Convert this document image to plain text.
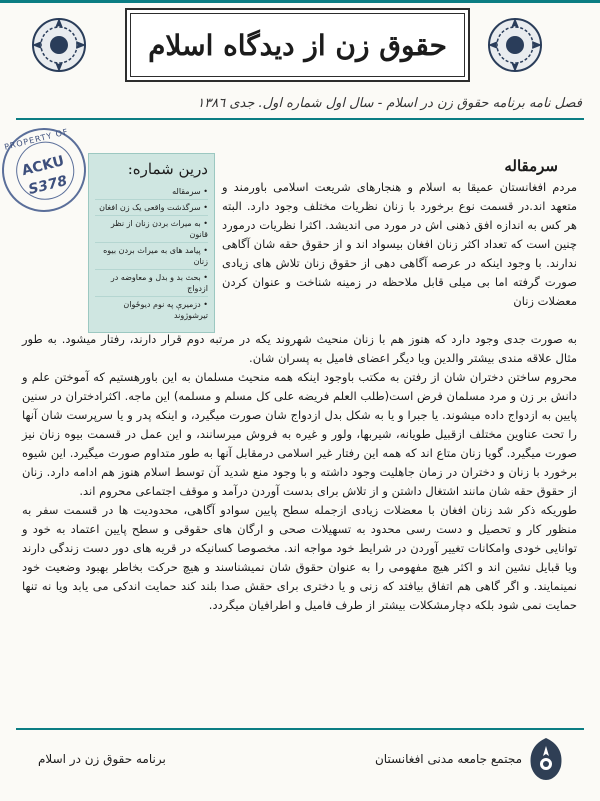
حقوق زن از دیدگاه اسلام
فصل نامه برنامه حقوق زن در اسلام - سال اول شماره اول. جدی ١٣٨٦
PROPERTY OF
ACKU
S378
درین شماره:
• سرمقاله
• سرگذشت واقعی یک زن افغان
• به میراث بردن زنان از نظر قانون
• پیامد های به میراث بردن بیوه زنان
• بحث بد و بدل و معاوضه در ازدواج
• دزمیرې په نوم دیوځوان تیرشوژوند
سرمقاله

مردم افغانستان عمیقا به اسلام و هنجارهای شریعت اسلامی باورمند و متعهد اند.در قسمت نوع برخورد با زنان نظریات مختلف وجود دارد. البته هر کس به اندازه افق ذهنی اش در مورد می اندیشد. اکثرا نظریات درمورد چنین است که تعداد اکثر زنان افغان بیسواد اند و از حقوق حقه شان آگاهی ندارند. با وجود اینکه در عرصه آگاهی دهی از حقوق زنان تلاش های زیادی صورت گرفته اما بی میلی قابل ملاحظه در زمینه شناخت و عنوان کردن معضلات زنان

به صورت جدی وجود دارد که هنوز هم با زنان منحیث شهروند یکه در مرتبه دوم قرار دارند، رفتار میشود. به طور مثال علاقه مندی بیشتر والدین ویا دیگر اعضای فامیل به پسران شان.

محروم ساختن دختران شان از رفتن به مکتب باوجود اینکه همه منحیث مسلمان به این باورهستیم که آموختن علم و دانش بر زن و مرد مسلمان فرض است(طلب العلم فریضه علی کل مسلم و مسلمه) این ماجه. اکثرادختران در سنین پایین به ازدواج داده میشوند. یا جبرا و یا به شکل بدل ازدواج شان صورت میگیرد، و اینکه پدر و یا سرپرست شان آنها را تحت عناوین مختلف ازقبیل طویانه، شیربها، ولور و غیره به فروش میرسانند، و این عمل در قسمت بیوه زنان نیز صورت میگیرد. گویا زنان متاع اند که همه این رفتار غیر اسلامی درمقابل آنها به طور متداوم صورت میگیرد. این شیوه برخورد با زنان و دختران در زمان جاهلیت وجود داشته و با وجود منع شدید آن توسط اسلام هنوز هم ادامه دارد. زنان از حقوق حقه شان مانند اشتغال داشتن و از تلاش برای بدست آوردن درآمد و موقف اجتماعی محروم اند.

طوریکه ذکر شد زنان افغان با معضلات زیادی ازجمله سطح پایین سوادو آگاهی، محدودیت ها در قسمت سفر به منظور کار و تحصیل و دست رسی محدود به تسهیلات صحی و ارگان های حقوقی و سطح پایین اعتماد به خود و توانایی خودی وامکانات تغییر آوردن در شرایط خود مواجه اند. مخصوصا کسانیکه در قریه های دور دست زندگی دارند ویا قبایل نشین اند و اکثر هیچ مفهومی را به عنوان حقوق شان نمیشناسند و هیچ حرکت بخاطر بهبود وضعیت خود نمینمایند. و اگر گاهی هم اتفاق بیافتد که زنی و یا دختری برای حقش صدا بلند کند حمایت اندکی می یابد ویا نه تنها حمایت نمی شود بلکه دچارمشکلات بیشتر از طرف فامیل و اطرافیان میگردد.

برنامه حقوق زن در اسلام	مجتمع جامعه مدنی افغانستان
